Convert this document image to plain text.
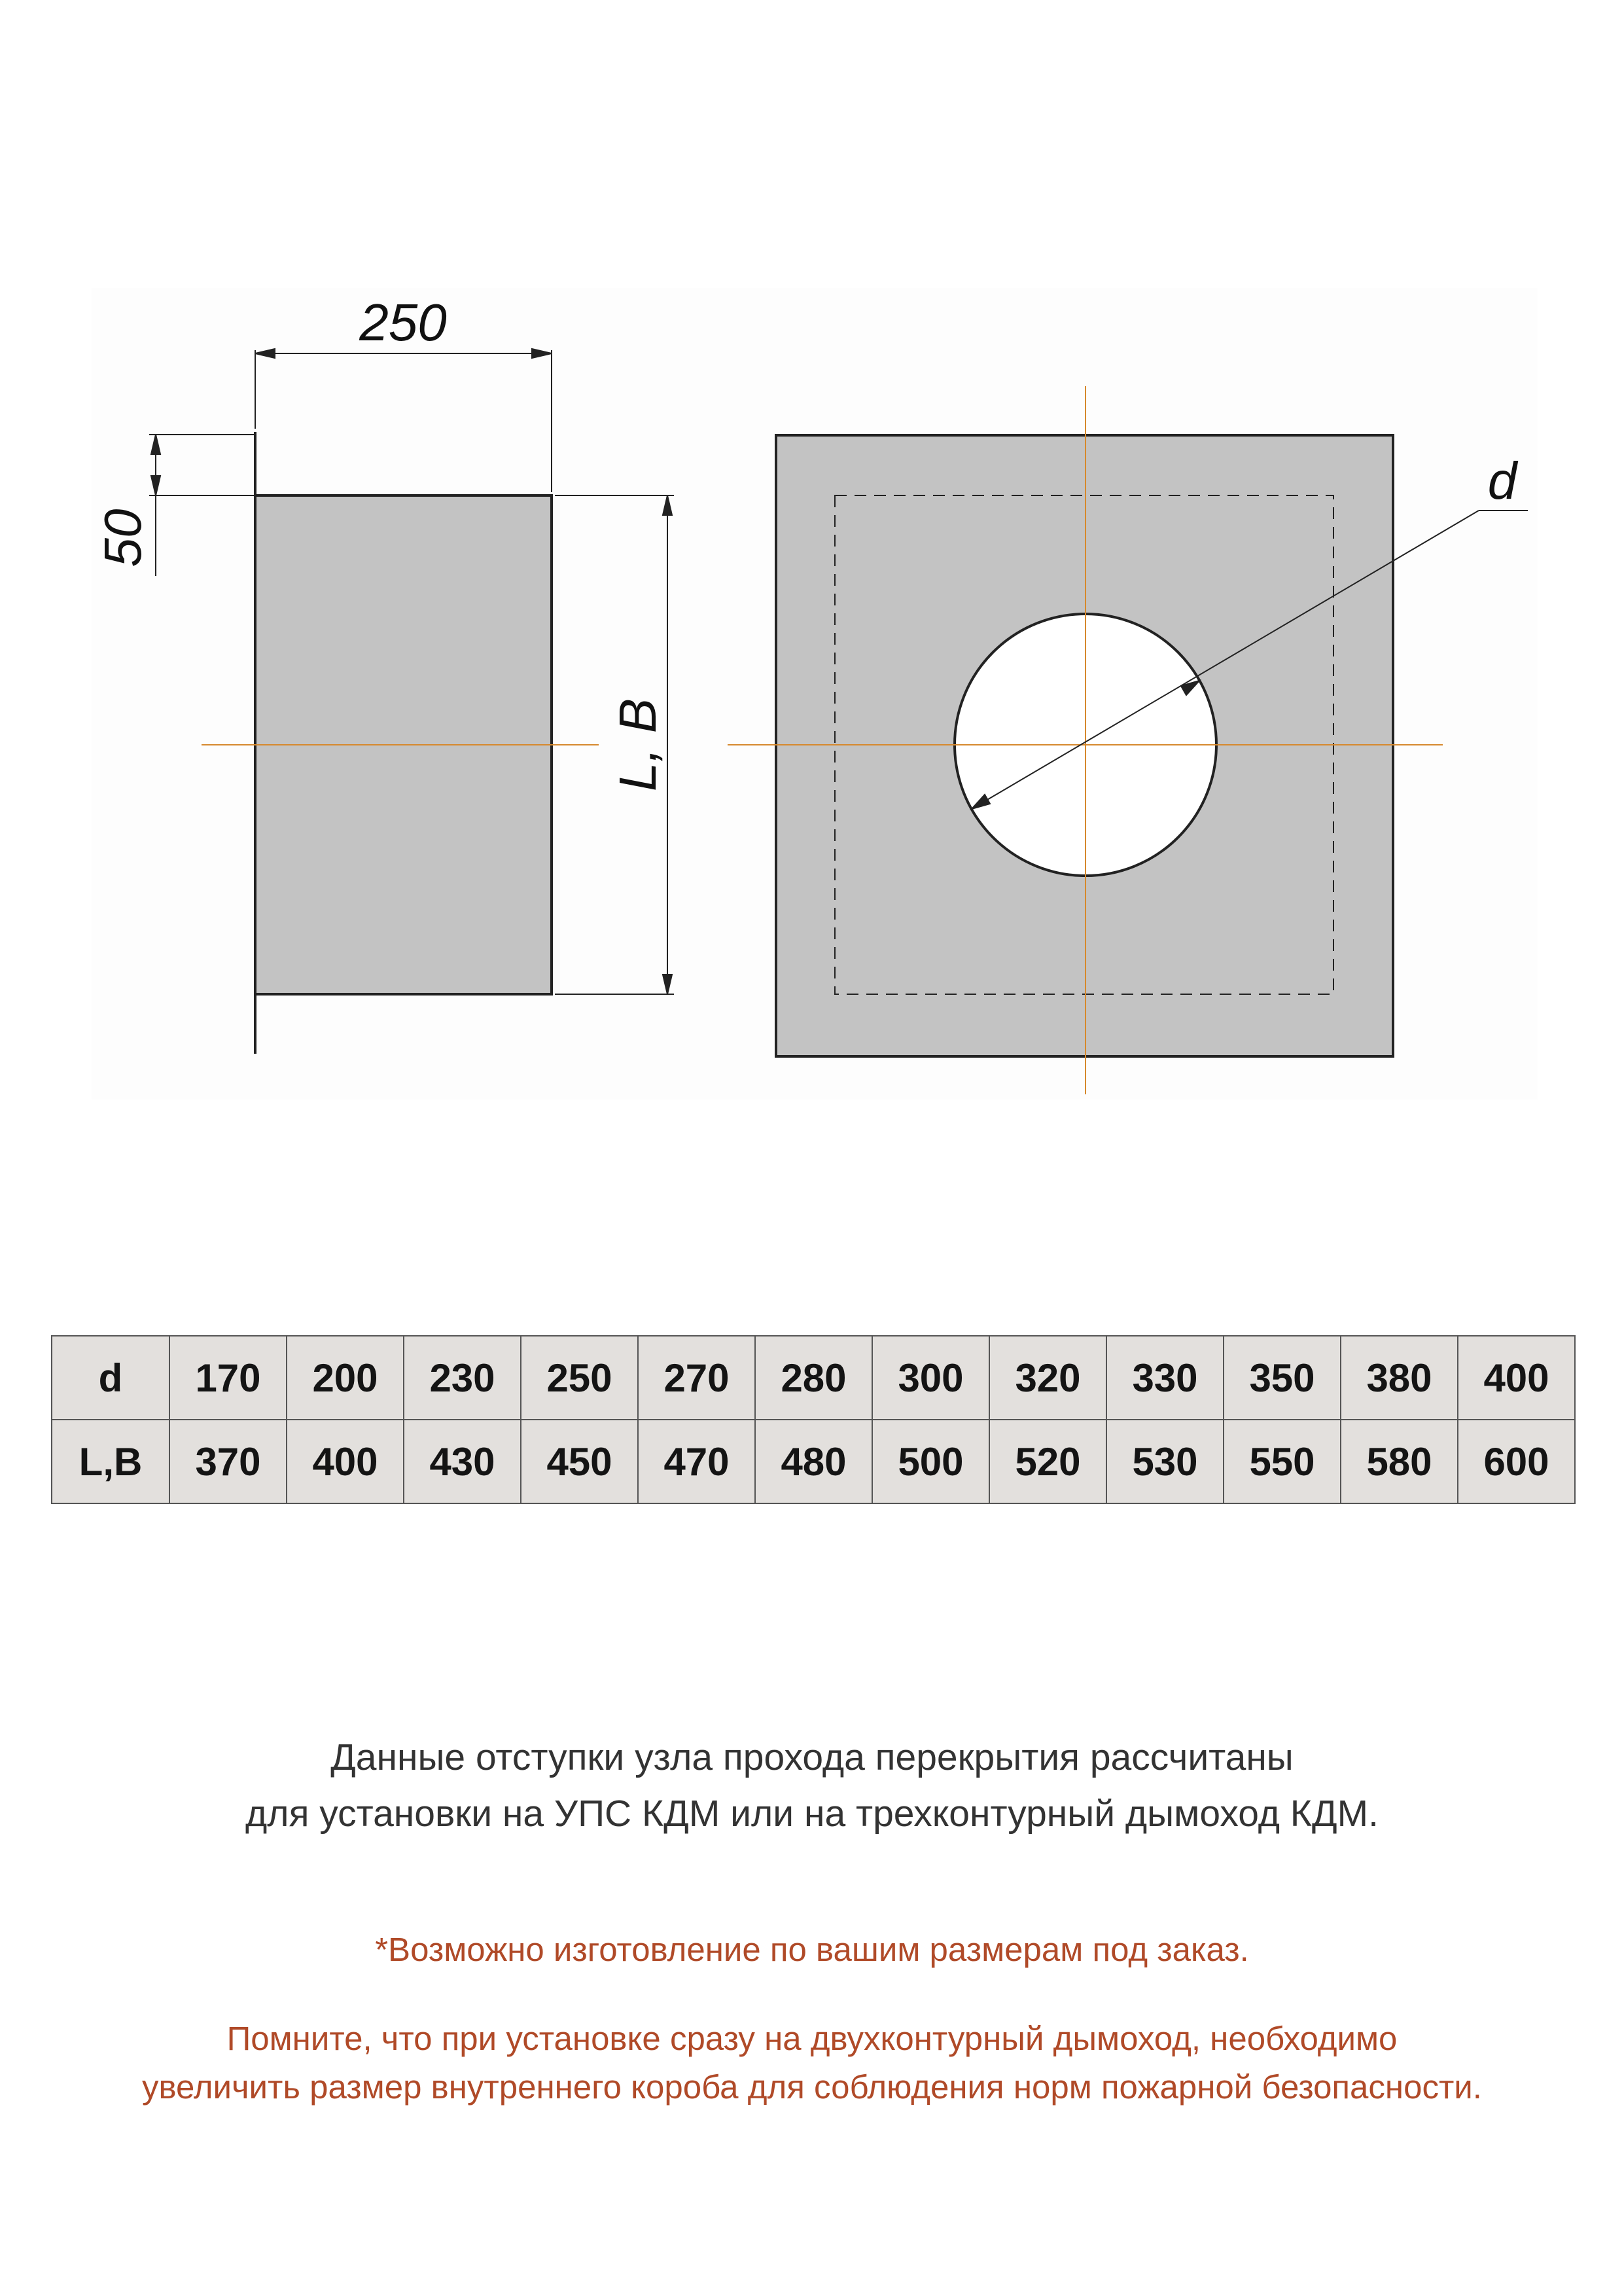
250
50
L, B
d
d	170	200	230	250	270	280	300	320	330	350	380	400
L,B	370	400	430	450	470	480	500	520	530	550	580	600
Данные отступки узла прохода перекрытия рассчитаны
для установки на УПС КДМ или на трехконтурный дымоход КДМ.
*Возможно изготовление по вашим размерам под заказ.
Помните, что при установке сразу на двухконтурный дымоход, необходимо
увеличить размер внутреннего короба для соблюдения норм пожарной безопасности.
